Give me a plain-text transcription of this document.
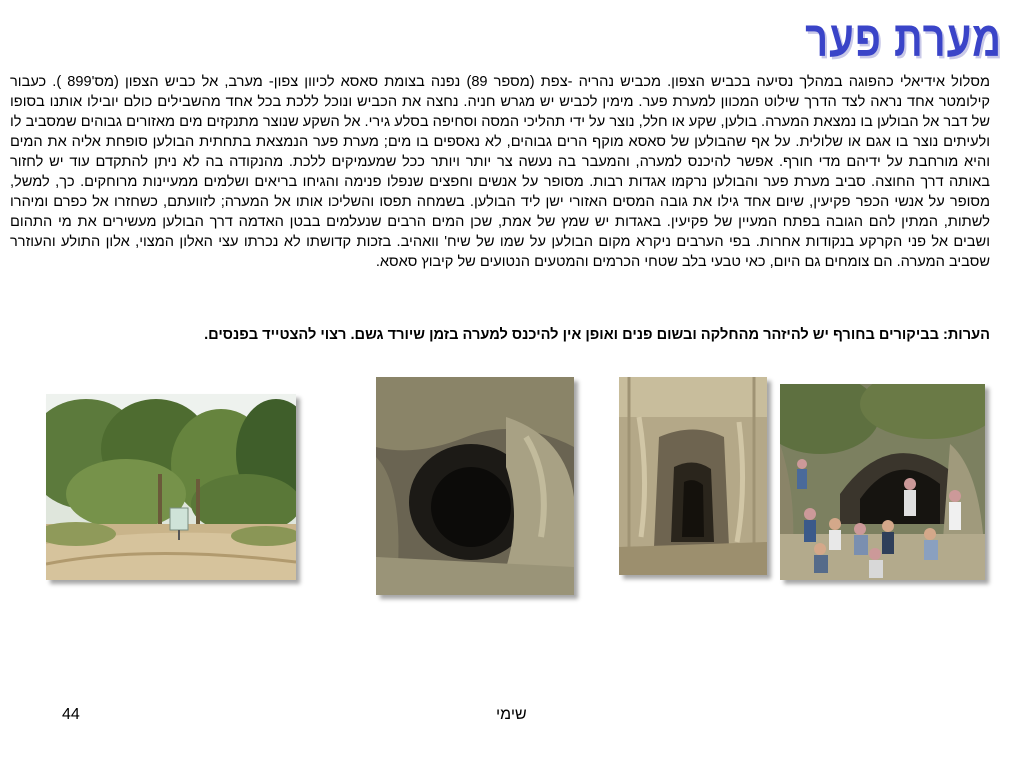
מערת פער
מסלול אידיאלי כהפוגה במהלך נסיעה בכביש הצפון. מכביש נהריה -צפת (מספר 89) נפנה בצומת סאסא לכיוון צפון- מערב, אל כביש הצפון (מס'899 ). כעבור קילומטר אחד נראה לצד הדרך שילוט המכוון למערת פער. מימין לכביש יש מגרש חניה. נחצה את הכביש ונוכל ללכת בכל אחד מהשבילים כולם יובילו אותנו בסופו של דבר אל הבולען בו נמצאת המערה. בולען, שקע או חלל, נוצר על ידי תהליכי המסה וסחיפה בסלע גירי. אל השקע שנוצר מתנקזים מים מאזורים גבוהים שמסביב לו ולעיתים נוצר בו אגם או שלולית. על אף שהבולען של סאסא מוקף הרים גבוהים, לא נאספים בו מים; מערת פער הנמצאת בתחתית הבולען סופחת אליה את המים והיא מורחבת על ידיהם מדי חורף. אפשר להיכנס למערה, והמעבר בה נעשה צר יותר ויותר ככל שמעמיקים ללכת. מהנקודה בה לא ניתן להתקדם עוד יש לחזור באותה דרך החוצה. סביב מערת פער והבולען נרקמו אגדות רבות. מסופר על אנשים וחפצים שנפלו פנימה והגיחו בריאים ושלמים ממעיינות מרוחקים. כך, למשל, מסופר על אנשי הכפר פקיעין, שיום אחד גילו את גובה המסים האזורי ישן ליד הבולען. בשמחה תפסו והשליכו אותו אל המערה; לזוועתם, כשחזרו אל כפרם ומיהרו לשתות, המתין להם הגובה בפתח המעיין של פקיעין. באגדות יש שמץ של אמת, שכן המים הרבים שנעלמים בבטן האדמה דרך הבולען מעשירים את מי התהום ושבים אל פני הקרקע בנקודות אחרות. בפי הערבים ניקרא מקום הבולען על שמו של שיח' וואהיב. בזכות קדושתו לא נכרתו עצי האלון המצוי, אלון התולע והעוזרר שסביב המערה. הם צומחים גם היום, כאי טבעי בלב שטחי הכרמים והמטעים הנטועים של קיבוץ סאסא.
הערות: בביקורים בחורף יש להיזהר מהחלקה ובשום פנים ואופן אין להיכנס למערה בזמן שיורד גשם. רצוי להצטייד בפנסים.
44	שימי
